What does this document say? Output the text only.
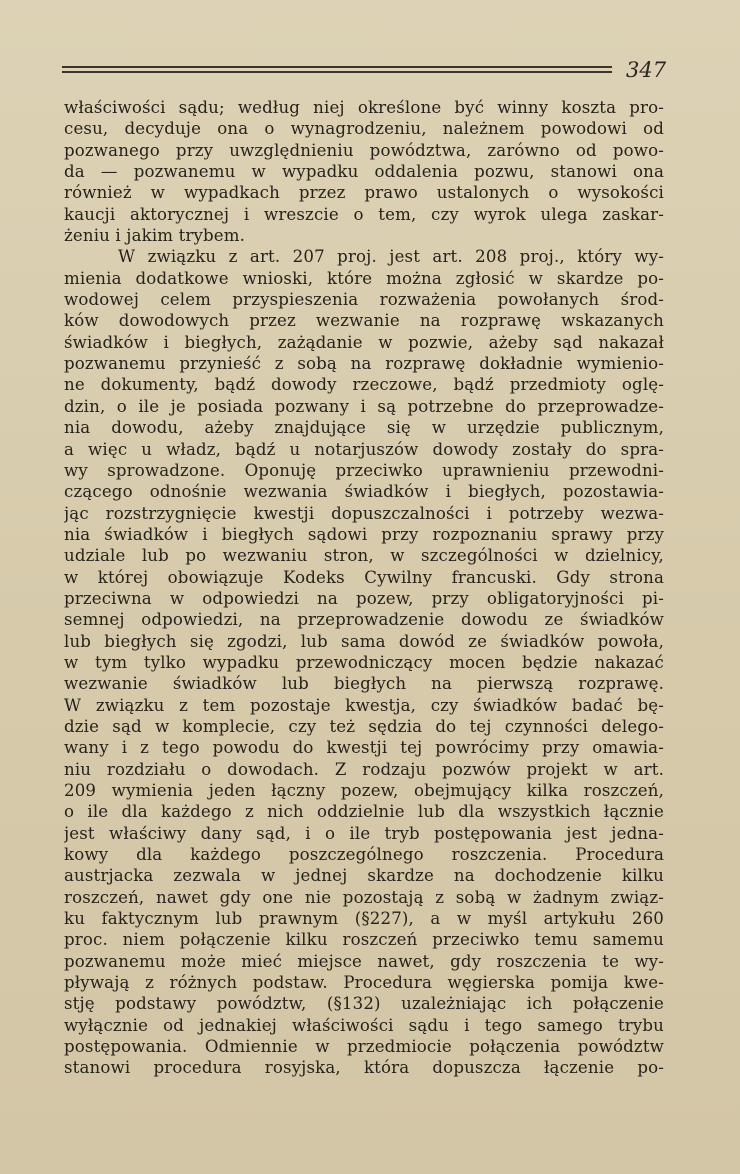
347
właściwości sądu; według niej określone być winny koszta pro-
cesu, decyduje ona o wynagrodzeniu, należnem powodowi od
pozwanego przy uwzględnieniu powództwa, zarówno od powo-
da — pozwanemu w wypadku oddalenia pozwu, stanowi ona
również w wypadkach przez prawo ustalonych o wysokości
kaucji aktorycznej i wreszcie o tem, czy wyrok ulega zaskar-
żeniu i jakim trybem.
W związku z art. 207 proj. jest art. 208 proj., który wy-
mienia dodatkowe wnioski, które można zgłosić w skardze po-
wodowej celem przyspieszenia rozważenia powołanych środ-
ków dowodowych przez wezwanie na rozprawę wskazanych
świadków i biegłych, zażądanie w pozwie, ażeby sąd nakazał
pozwanemu przynieść z sobą na rozprawę dokładnie wymienio-
ne dokumenty, bądź dowody rzeczowe, bądź przedmioty oglę-
dzin, o ile je posiada pozwany i są potrzebne do przeprowadze-
nia dowodu, ażeby znajdujące się w urzędzie publicznym,
a więc u władz, bądź u notarjuszów dowody zostały do spra-
wy sprowadzone. Oponuję przeciwko uprawnieniu przewodni-
czącego odnośnie wezwania świadków i biegłych, pozostawia-
jąc rozstrzygnięcie kwestji dopuszczalności i potrzeby wezwa-
nia świadków i biegłych sądowi przy rozpoznaniu sprawy przy
udziale lub po wezwaniu stron, w szczególności w dzielnicy,
w której obowiązuje Kodeks Cywilny francuski. Gdy strona
przeciwna w odpowiedzi na pozew, przy obligatoryjności pi-
semnej odpowiedzi, na przeprowadzenie dowodu ze świadków
lub biegłych się zgodzi, lub sama dowód ze świadków powoła,
w tym tylko wypadku przewodniczący mocen będzie nakazać
wezwanie świadków lub biegłych na pierwszą rozprawę.
W związku z tem pozostaje kwestja, czy świadków badać bę-
dzie sąd w komplecie, czy też sędzia do tej czynności delego-
wany i z tego powodu do kwestji tej powrócimy przy omawia-
niu rozdziału o dowodach. Z rodzaju pozwów projekt w art.
209 wymienia jeden łączny pozew, obejmujący kilka roszczeń,
o ile dla każdego z nich oddzielnie lub dla wszystkich łącznie
jest właściwy dany sąd, i o ile tryb postępowania jest jedna-
kowy dla każdego poszczególnego roszczenia. Procedura
austrjacka zezwala w jednej skardze na dochodzenie kilku
roszczeń, nawet gdy one nie pozostają z sobą w żadnym związ-
ku faktycznym lub prawnym (§227), a w myśl artykułu 260
proc. niem połączenie kilku roszczeń przeciwko temu samemu
pozwanemu może mieć miejsce nawet, gdy roszczenia te wy-
pływają z różnych podstaw. Procedura węgierska pomija kwe-
stję podstawy powództw, (§132) uzależniając ich połączenie
wyłącznie od jednakiej właściwości sądu i tego samego trybu
postępowania. Odmiennie w przedmiocie połączenia powództw
stanowi procedura rosyjska, która dopuszcza łączenie po-
